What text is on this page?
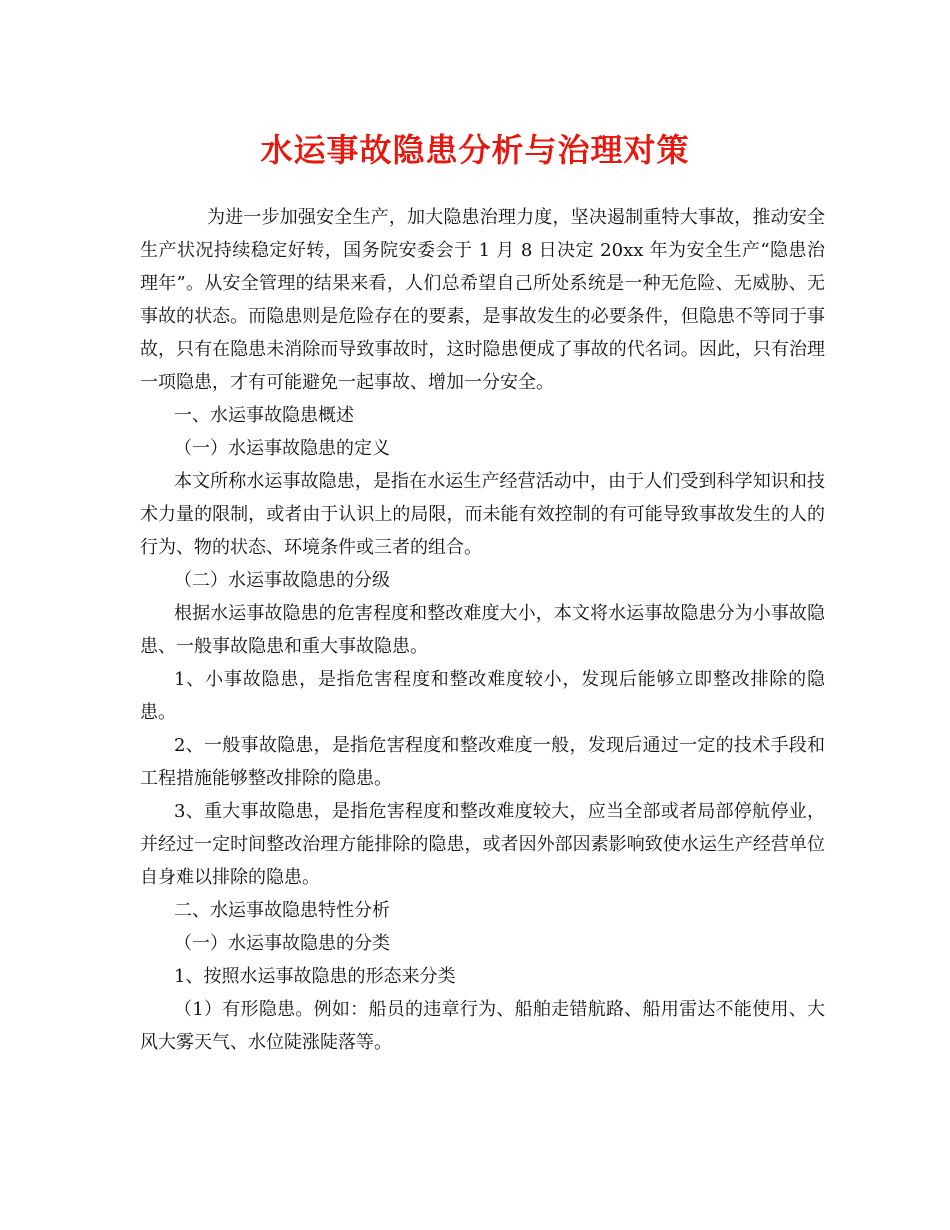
水运事故隐患分析与治理对策

为进一步加强安全生产，加大隐患治理力度，坚决遏制重特大事故，推动安全生产状况持续稳定好转，国务院安委会于 1 月 8 日决定 20xx 年为安全生产“隐患治理年”。从安全管理的结果来看，人们总希望自己所处系统是一种无危险、无威胁、无事故的状态。而隐患则是危险存在的要素，是事故发生的必要条件，但隐患不等同于事故，只有在隐患未消除而导致事故时，这时隐患便成了事故的代名词。因此，只有治理一项隐患，才有可能避免一起事故、增加一分安全。

一、水运事故隐患概述

（一）水运事故隐患的定义

本文所称水运事故隐患，是指在水运生产经营活动中，由于人们受到科学知识和技术力量的限制，或者由于认识上的局限，而未能有效控制的有可能导致事故发生的人的行为、物的状态、环境条件或三者的组合。

（二）水运事故隐患的分级

根据水运事故隐患的危害程度和整改难度大小，本文将水运事故隐患分为小事故隐患、一般事故隐患和重大事故隐患。

1、小事故隐患，是指危害程度和整改难度较小，发现后能够立即整改排除的隐患。

2、一般事故隐患，是指危害程度和整改难度一般，发现后通过一定的技术手段和工程措施能够整改排除的隐患。

3、重大事故隐患，是指危害程度和整改难度较大，应当全部或者局部停航停业，并经过一定时间整改治理方能排除的隐患，或者因外部因素影响致使水运生产经营单位自身难以排除的隐患。

二、水运事故隐患特性分析

（一）水运事故隐患的分类

1、按照水运事故隐患的形态来分类

（1）有形隐患。例如：船员的违章行为、船舶走错航路、船用雷达不能使用、大风大雾天气、水位陡涨陡落等。
